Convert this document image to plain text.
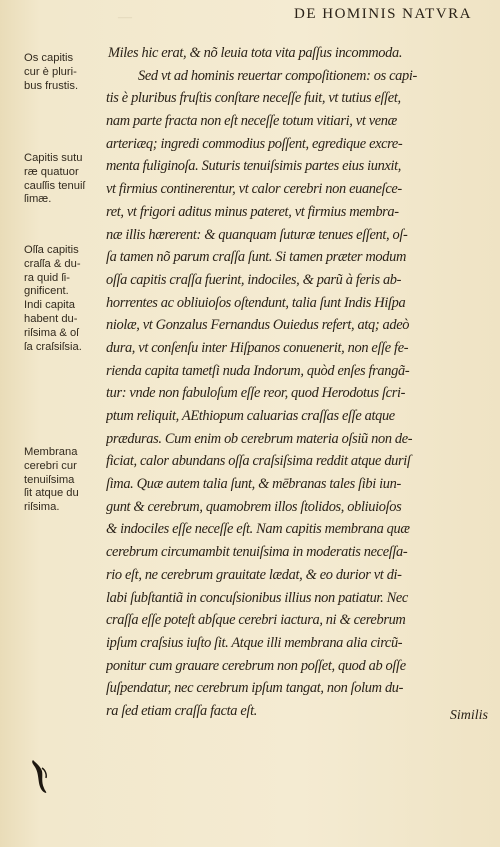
—	DE HOMINIS NATVRA
Os capitis
cur è pluri-
bus frustis.
Capitis sutu
ræ quatuor
cauſſis tenuiſ
ſimæ.
Oſſa capitis
craſſa & du-
ra quid ſi-
gnificent.
Indi capita
habent du-
riſsima & oſ
ſa craſsiſsia.
Membrana
cerebri cur
tenuiſsima
ſit atque du
riſsima.
Miles hic erat, & nõ leuia tota vita paſſus incommoda.
Sed vt ad hominis reuertar compoſitionem: os capi-
tis è pluribus fruſtis conſtare neceſſe fuit, vt tutius eſſet,
nam parte fracta non eſt neceſſe totum vitiari, vt venæ
arteriæq; ingredi commodius poſſent, egredique excre-
menta fuliginoſa. Suturis tenuiſsimis partes eius iunxit,
vt firmius continerentur, vt calor cerebri non euaneſce-
ret, vt frigori aditus minus pateret, vt firmius membra-
næ illis hærerent: & quanquam ſuturæ tenues eſſent, oſ-
ſa tamen nõ parum craſſa ſunt. Si tamen præter modum
oſſa capitis craſſa fuerint, indociles, & parũ à feris ab-
horrentes ac obliuioſos oſtendunt, talia ſunt Indis Hiſpa
niolæ, vt Gonzalus Fernandus Ouiedus refert, atq; adeò
dura, vt conſenſu inter Hiſpanos conuenerit, non eſſe fe-
rienda capita tametſi nuda Indorum, quòd enſes frangã-
tur: vnde non fabuloſum eſſe reor, quod Herodotus ſcri-
ptum reliquit, AEthiopum caluarias craſſas eſſe atque
præduras. Cum enim ob cerebrum materia oſsiũ non de-
ficiat, calor abundans oſſa craſsiſsima reddit atque duriſ
ſima. Quæ autem talia ſunt, & mēbranas tales ſibi iun-
gunt & cerebrum, quamobrem illos ſtolidos, obliuioſos
& indociles eſſe neceſſe eſt. Nam capitis membrana quæ
cerebrum circumambit tenuiſsima in moderatis neceſſa-
rio eſt, ne cerebrum grauitate lædat, & eo durior vt di-
labi ſubſtantiã in concuſsionibus illius non patiatur. Nec
craſſa eſſe poteſt abſque cerebri iactura, ni & cerebrum
ipſum craſsius iuſto ſit. Atque illi membrana alia circũ-
ponitur cum grauare cerebrum non poſſet, quod ab oſſe
ſuſpendatur, nec cerebrum ipſum tangat, non ſolum du-
ra ſed etiam craſſa facta eſt.	Similis
